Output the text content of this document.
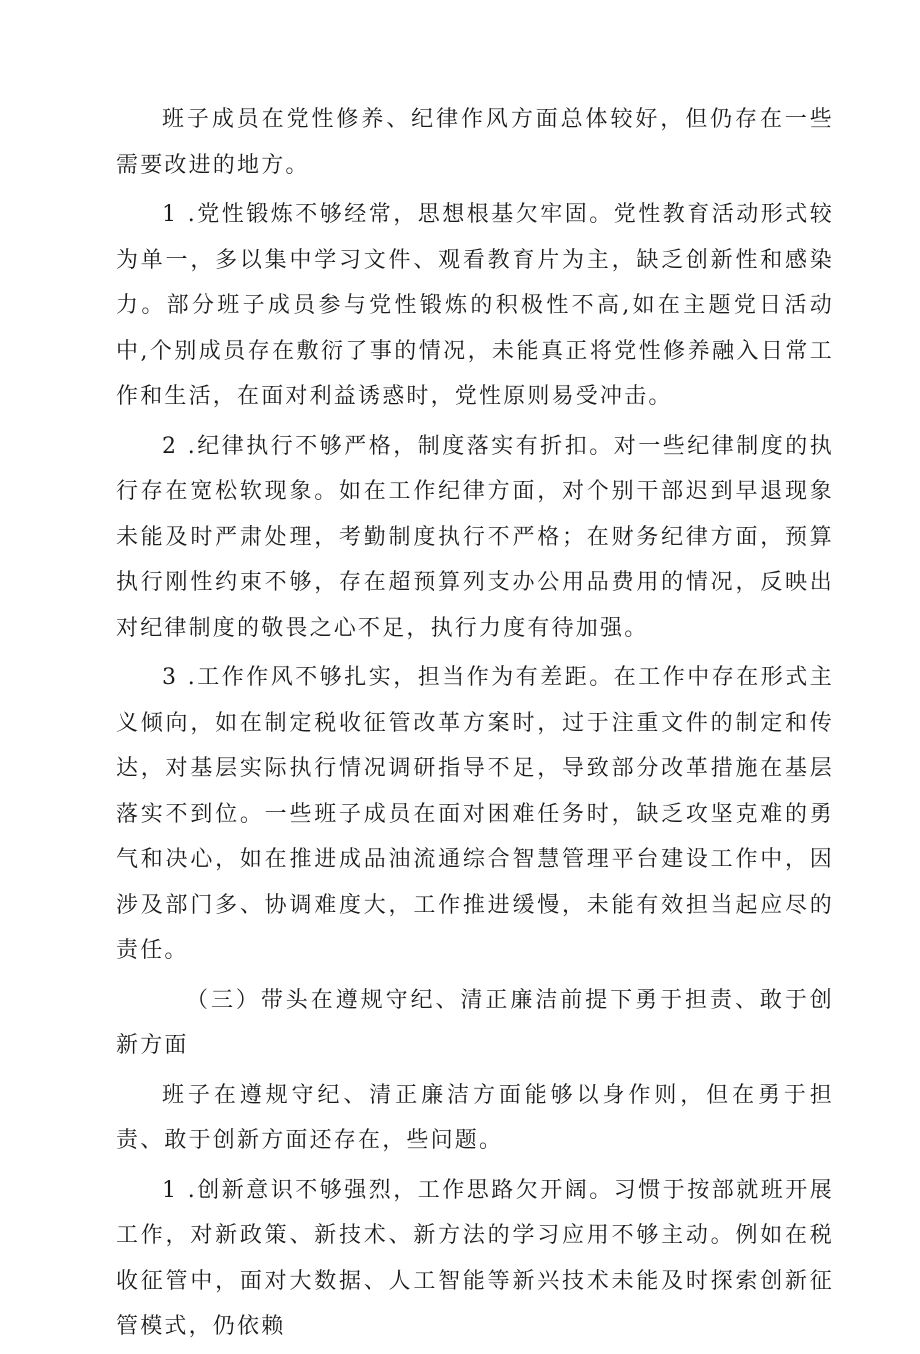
班子成员在党性修养、纪律作风方面总体较好，但仍存在一些需要改进的地方。

1 .党性锻炼不够经常，思想根基欠牢固。党性教育活动形式较为单一，多以集中学习文件、观看教育片为主，缺乏创新性和感染力。部分班子成员参与党性锻炼的积极性不高,如在主题党日活动中,个别成员存在敷衍了事的情况，未能真正将党性修养融入日常工作和生活，在面对利益诱惑时，党性原则易受冲击。

2 .纪律执行不够严格，制度落实有折扣。对一些纪律制度的执行存在宽松软现象。如在工作纪律方面，对个别干部迟到早退现象未能及时严肃处理，考勤制度执行不严格；在财务纪律方面，预算执行刚性约束不够，存在超预算列支办公用品费用的情况，反映出对纪律制度的敬畏之心不足，执行力度有待加强。

3 .工作作风不够扎实，担当作为有差距。在工作中存在形式主义倾向，如在制定税收征管改革方案时，过于注重文件的制定和传达，对基层实际执行情况调研指导不足，导致部分改革措施在基层落实不到位。一些班子成员在面对困难任务时，缺乏攻坚克难的勇气和决心，如在推进成品油流通综合智慧管理平台建设工作中，因涉及部门多、协调难度大，工作推进缓慢，未能有效担当起应尽的责任。

（三）带头在遵规守纪、清正廉洁前提下勇于担责、敢于创新方面

班子在遵规守纪、清正廉洁方面能够以身作则，但在勇于担责、敢于创新方面还存在，些问题。

1 .创新意识不够强烈，工作思路欠开阔。习惯于按部就班开展工作，对新政策、新技术、新方法的学习应用不够主动。例如在税收征管中，面对大数据、人工智能等新兴技术未能及时探索创新征管模式，仍依赖
